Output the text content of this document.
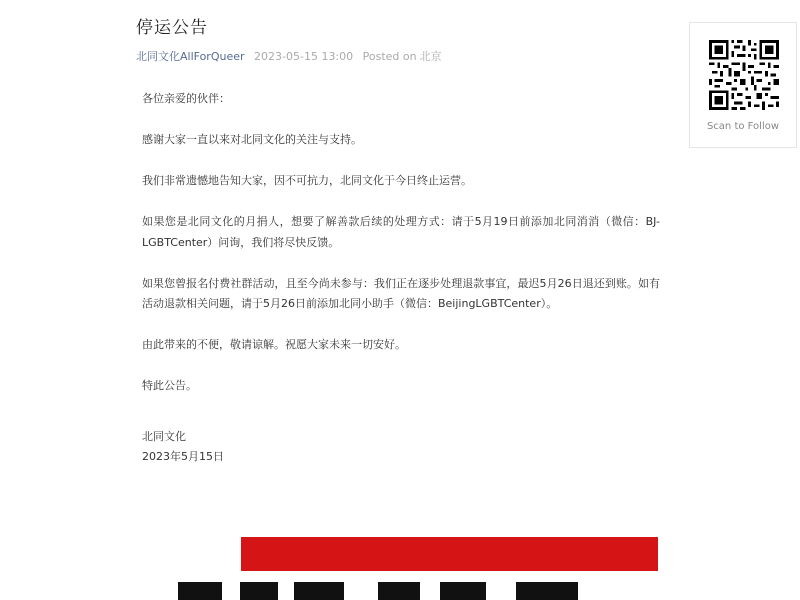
停运公告
北同文化AllForQueer 2023-05-15 13:00 Posted on 北京

各位亲爱的伙伴：

感谢大家一直以来对北同文化的关注与支持。

我们非常遗憾地告知大家，因不可抗力，北同文化于今日终止运营。

如果您是北同文化的月捐人，想要了解善款后续的处理方式：请于5月19日前添加北同消消（微信：BJ-LGBTCenter）问询，我们将尽快反馈。

如果您曾报名付费社群活动，且至今尚未参与：我们正在逐步处理退款事宜，最迟5月26日退还到账。如有活动退款相关问题，请于5月26日前添加北同小助手（微信：BeijingLGBTCenter）。

由此带来的不便，敬请谅解。祝愿大家未来一切安好。

特此公告。

北同文化

2023年5月15日

Scan to Follow
